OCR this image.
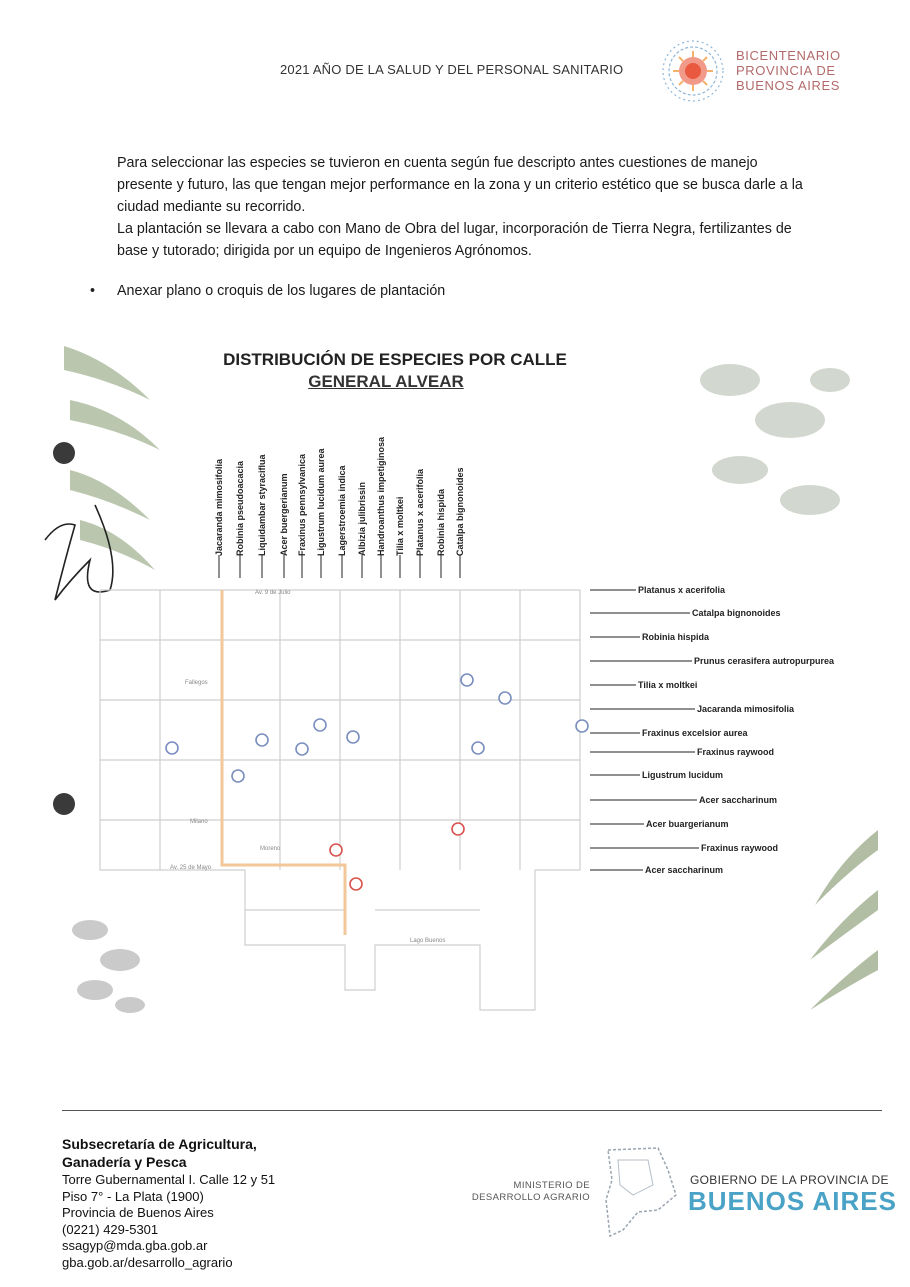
2021 AÑO DE LA SALUD Y DEL PERSONAL SANITARIO
BICENTENARIO
PROVINCIA DE
BUENOS AIRES
Para seleccionar las especies se tuvieron en cuenta según fue descripto antes cuestiones de manejo presente y futuro, las que tengan mejor performance en la zona y un criterio estético que se busca darle a la ciudad mediante su recorrido.
La plantación se llevara a cabo con Mano de Obra del lugar, incorporación de Tierra Negra, fertilizantes de base y tutorado; dirigida por un equipo de Ingenieros Agrónomos.
• Anexar plano o croquis de los lugares de plantación
DISTRIBUCIÓN DE ESPECIES POR CALLE
GENERAL ALVEAR
Av. 9 de Julio
Av. 25 de Mayo
Fallegos
Milano
Moreno
Lago Buenos
Jacaranda mimosifolia Robinia pseudoacacia Liquidambar styraciflua Acer buergerianum Fraxinus pennsylvanica Ligustrum lucidum aurea Lagerstroemia indica Albizia julibrissin Handroanthus impetiginosa Tilia x moltkei Platanus x acerifolia Robinia hispida Catalpa bignonoides
Platanus x acerifolia
Catalpa bignonoides
Robinia hispida
Prunus cerasifera autropurpurea
Tilia x moltkei
Jacaranda mimosifolia
Fraxinus excelsior aurea
Fraxinus raywood
Ligustrum lucidum
Acer saccharinum
Acer buargerianum
Fraxinus raywood
Acer saccharinum
Subsecretaría de Agricultura, Ganadería y Pesca
Torre Gubernamental I. Calle 12 y 51
Piso 7° - La Plata (1900)
Provincia de Buenos Aires
(0221) 429-5301
ssagyp@mda.gba.gob.ar
gba.gob.ar/desarrollo_agrario
MINISTERIO DE
DESARROLLO AGRARIO
GOBIERNO DE LA PROVINCIA DE
BUENOS AIRES
